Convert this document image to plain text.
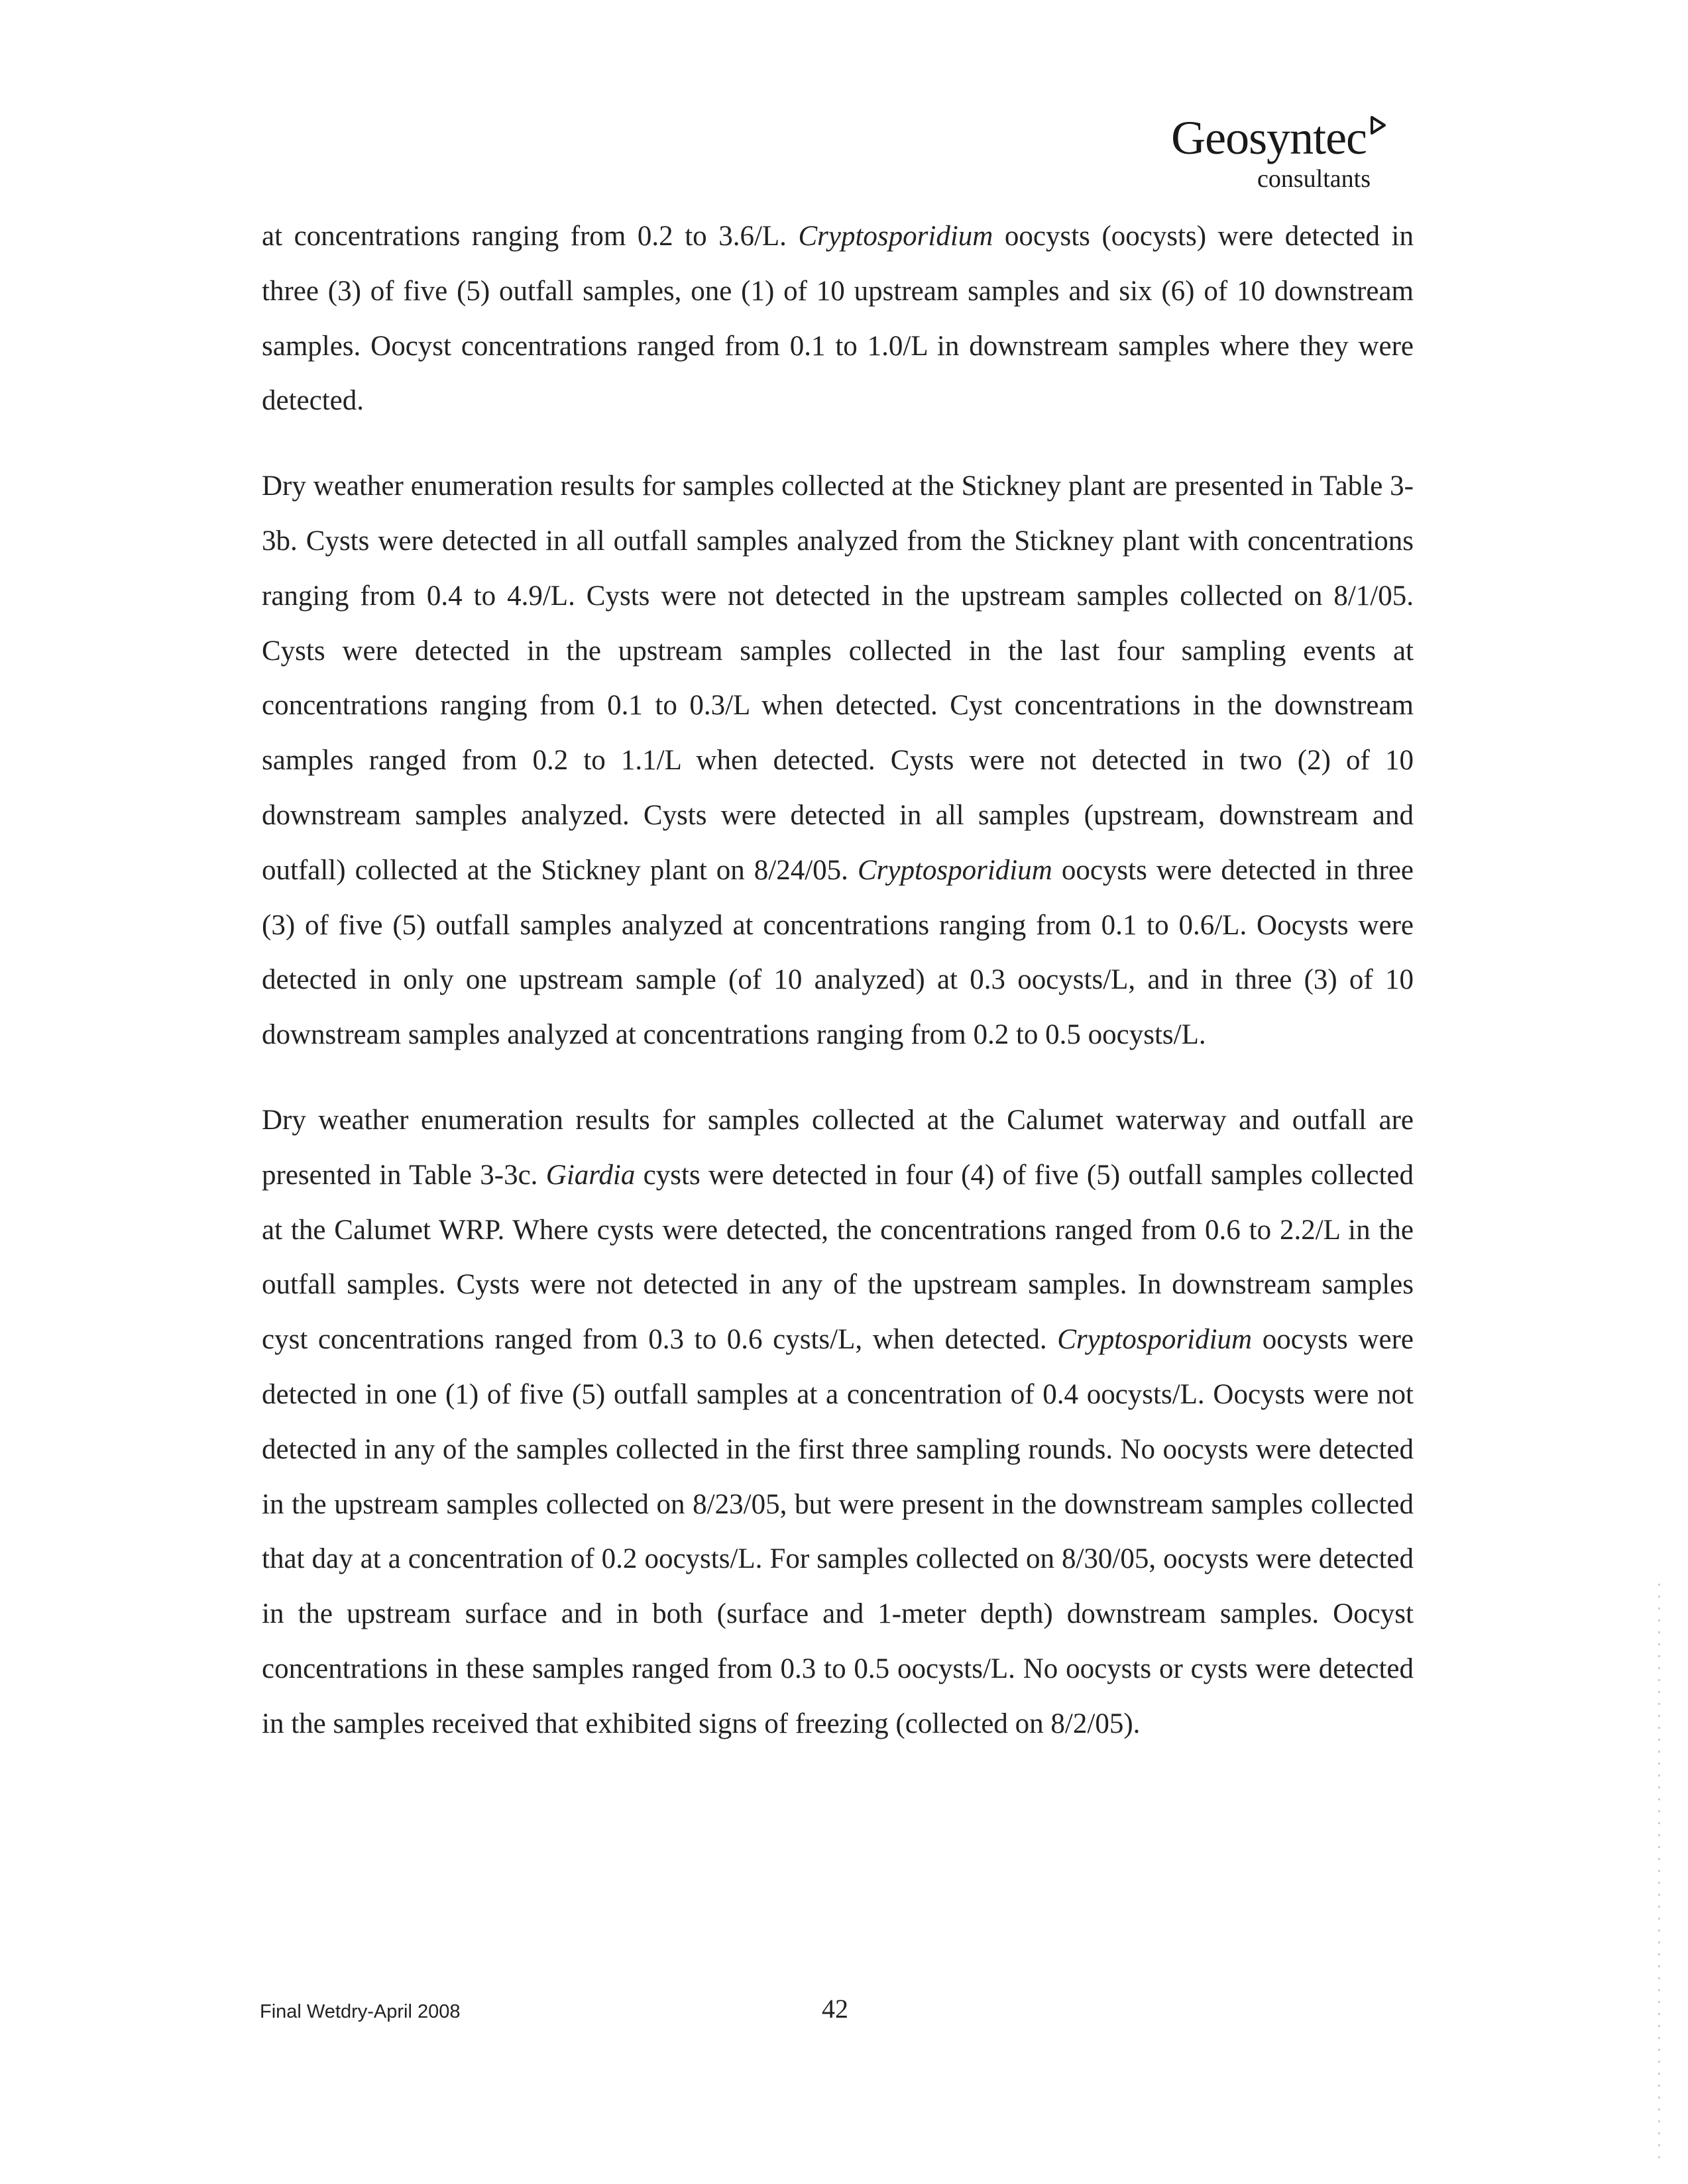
Geosyntec
consultants

at concentrations ranging from 0.2 to 3.6/L. Cryptosporidium oocysts (oocysts) were detected in three (3) of five (5) outfall samples, one (1) of 10 upstream samples and six (6) of 10 downstream samples. Oocyst concentrations ranged from 0.1 to 1.0/L in downstream samples where they were detected.

Dry weather enumeration results for samples collected at the Stickney plant are presented in Table 3-3b. Cysts were detected in all outfall samples analyzed from the Stickney plant with concentrations ranging from 0.4 to 4.9/L. Cysts were not detected in the upstream samples collected on 8/1/05. Cysts were detected in the upstream samples collected in the last four sampling events at concentrations ranging from 0.1 to 0.3/L when detected. Cyst concentrations in the downstream samples ranged from 0.2 to 1.1/L when detected. Cysts were not detected in two (2) of 10 downstream samples analyzed. Cysts were detected in all samples (upstream, downstream and outfall) collected at the Stickney plant on 8/24/05. Cryptosporidium oocysts were detected in three (3) of five (5) outfall samples analyzed at concentrations ranging from 0.1 to 0.6/L. Oocysts were detected in only one upstream sample (of 10 analyzed) at 0.3 oocysts/L, and in three (3) of 10 downstream samples analyzed at concentrations ranging from 0.2 to 0.5 oocysts/L.

Dry weather enumeration results for samples collected at the Calumet waterway and outfall are presented in Table 3-3c. Giardia cysts were detected in four (4) of five (5) outfall samples collected at the Calumet WRP. Where cysts were detected, the concentrations ranged from 0.6 to 2.2/L in the outfall samples. Cysts were not detected in any of the upstream samples. In downstream samples cyst concentrations ranged from 0.3 to 0.6 cysts/L, when detected. Cryptosporidium oocysts were detected in one (1) of five (5) outfall samples at a concentration of 0.4 oocysts/L. Oocysts were not detected in any of the samples collected in the first three sampling rounds. No oocysts were detected in the upstream samples collected on 8/23/05, but were present in the downstream samples collected that day at a concentration of 0.2 oocysts/L. For samples collected on 8/30/05, oocysts were detected in the upstream surface and in both (surface and 1-meter depth) downstream samples. Oocyst concentrations in these samples ranged from 0.3 to 0.5 oocysts/L. No oocysts or cysts were detected in the samples received that exhibited signs of freezing (collected on 8/2/05).

Final Wetdry-April 2008	42
